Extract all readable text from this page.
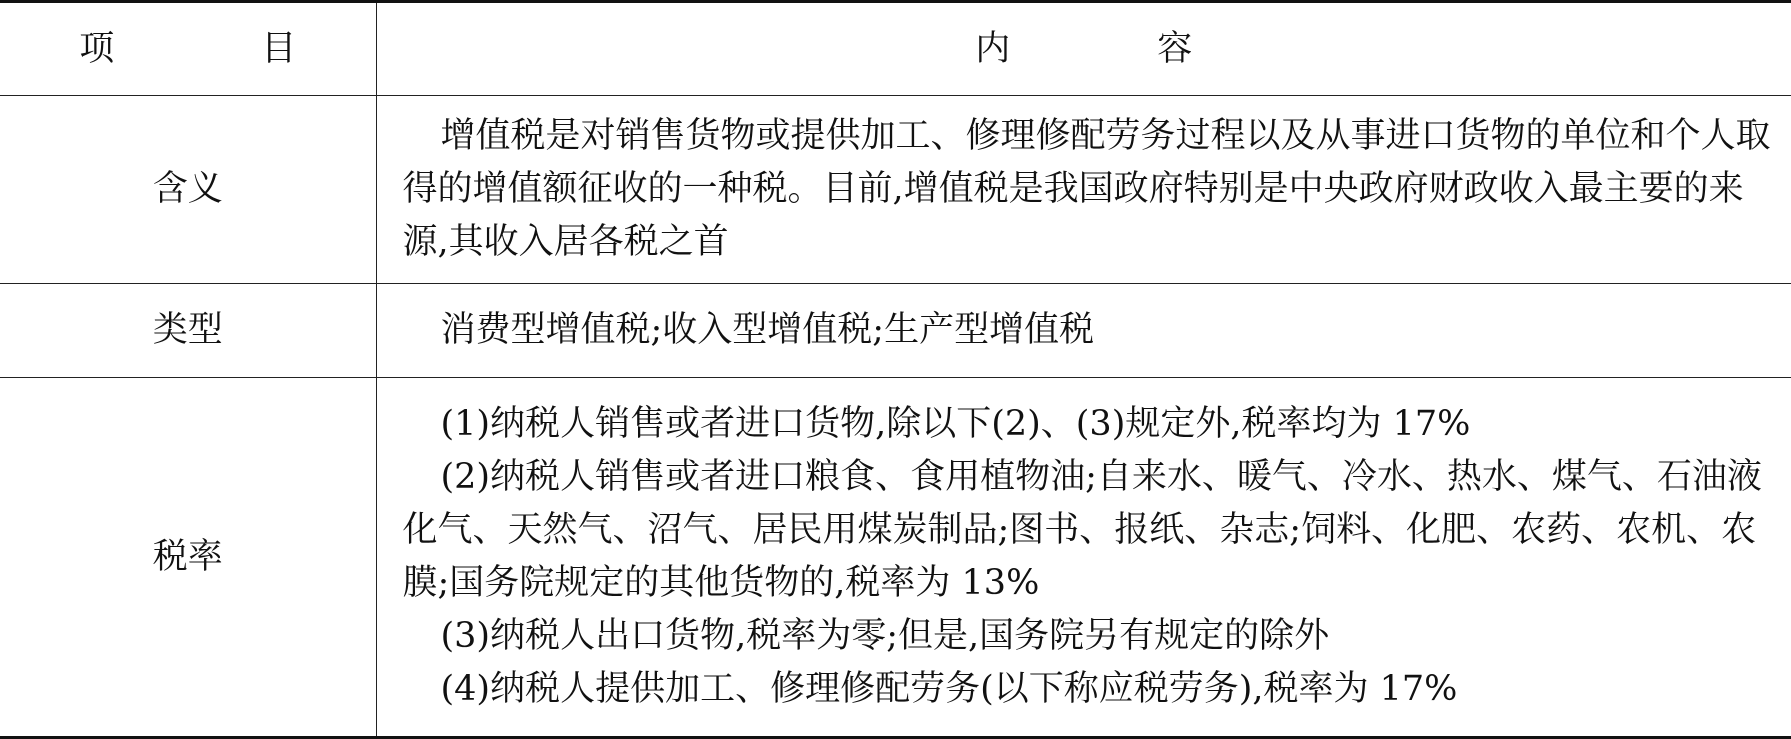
项　目	内　容
含义	增值税是对销售货物或提供加工、修理修配劳务过程以及从事进口货物的单位和个人取得的增值额征收的一种税。目前,增值税是我国政府特别是中央政府财政收入最主要的来源,其收入居各税之首

类型	消费型增值税;收入型增值税;生产型增值税

税率	(1)纳税人销售或者进口货物,除以下(2)、(3)规定外,税率均为 17%
(2)纳税人销售或者进口粮食、食用植物油;自来水、暖气、冷水、热水、煤气、石油液化气、天然气、沼气、居民用煤炭制品;图书、报纸、杂志;饲料、化肥、农药、农机、农膜;国务院规定的其他货物的,税率为 13%
(3)纳税人出口货物,税率为零;但是,国务院另有规定的除外
(4)纳税人提供加工、修理修配劳务(以下称应税劳务),税率为 17%
